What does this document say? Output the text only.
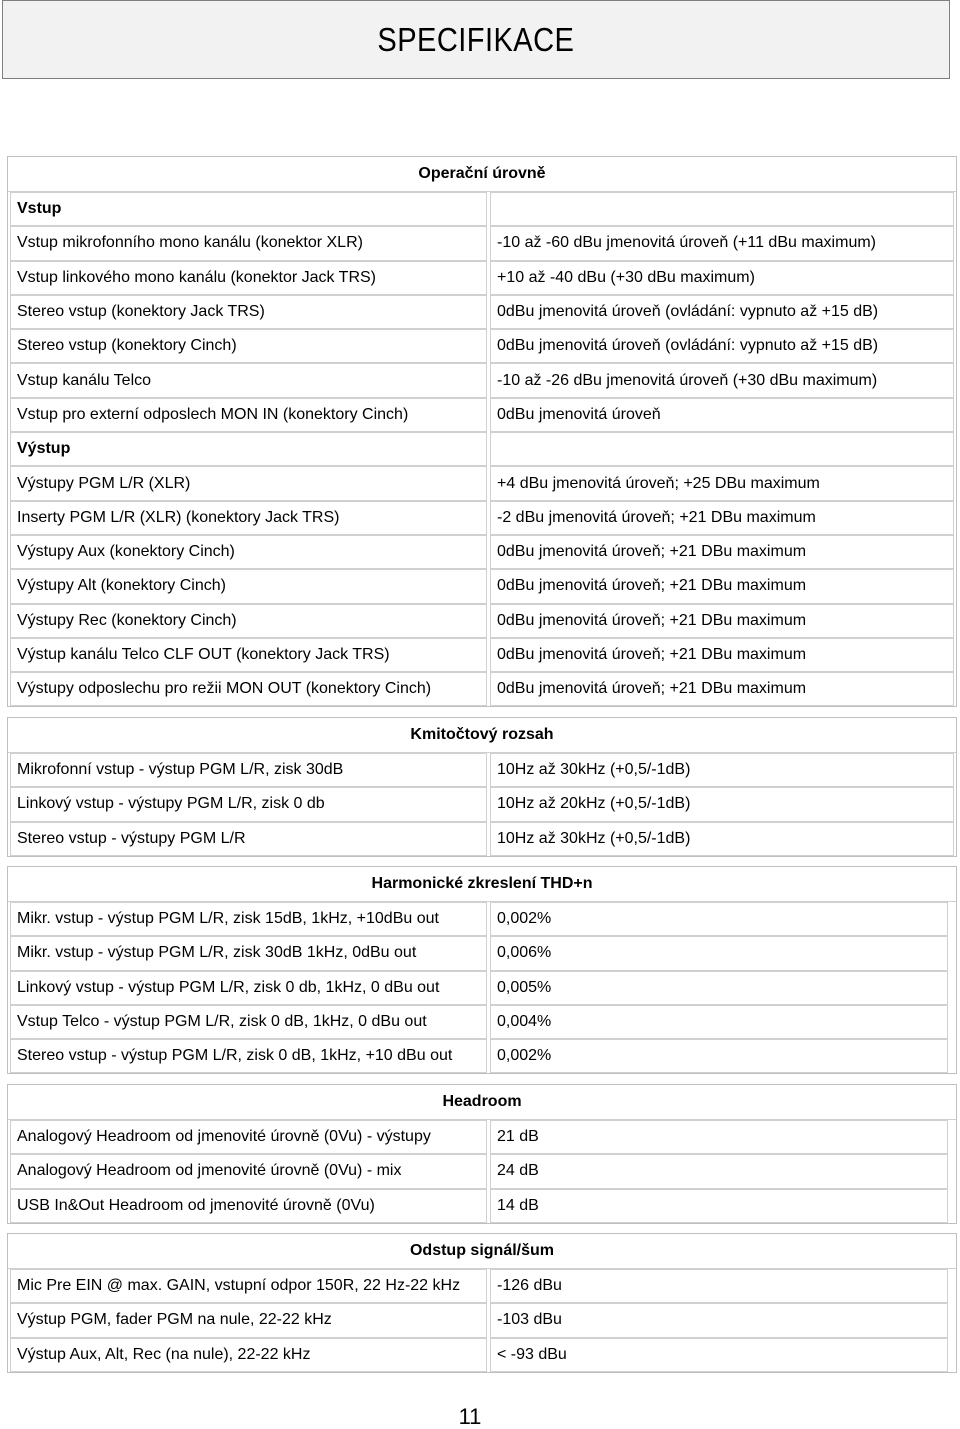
SPECIFIKACE
Operační úrovně
Vstup
Vstup mikrofonního mono kanálu (konektor XLR)
Vstup linkového mono kanálu (konektor Jack TRS)
Stereo vstup (konektory Jack TRS)
Stereo vstup (konektory Cinch)
Vstup kanálu Telco
Vstup pro externí odposlech MON IN (konektory Cinch)
Výstup
Výstupy PGM L/R (XLR)
Inserty PGM L/R (XLR) (konektory Jack TRS)
Výstupy Aux (konektory Cinch)
Výstupy Alt (konektory Cinch)
Výstupy Rec (konektory Cinch)
Výstup kanálu Telco CLF OUT (konektory Jack TRS)
Výstupy odposlechu pro režii MON OUT (konektory Cinch)
-10 až -60 dBu jmenovitá úroveň (+11 dBu maximum)
+10 až -40 dBu (+30 dBu maximum)
0dBu jmenovitá úroveň (ovládání: vypnuto až +15 dB)
0dBu jmenovitá úroveň (ovládání: vypnuto až +15 dB)
-10 až -26 dBu jmenovitá úroveň (+30 dBu maximum)
0dBu jmenovitá úroveň
+4 dBu jmenovitá úroveň; +25 DBu maximum
-2 dBu jmenovitá úroveň; +21 DBu maximum
0dBu jmenovitá úroveň; +21 DBu maximum
0dBu jmenovitá úroveň; +21 DBu maximum
0dBu jmenovitá úroveň; +21 DBu maximum
0dBu jmenovitá úroveň; +21 DBu maximum
0dBu jmenovitá úroveň; +21 DBu maximum
Kmitočtový rozsah
Mikrofonní vstup - výstup PGM L/R, zisk 30dB
Linkový vstup - výstupy PGM L/R, zisk 0 db
Stereo vstup - výstupy PGM L/R
10Hz až 30kHz (+0,5/-1dB)
10Hz až 20kHz (+0,5/-1dB)
10Hz až 30kHz (+0,5/-1dB)
Harmonické zkreslení THD+n
Mikr. vstup - výstup PGM L/R, zisk 15dB, 1kHz, +10dBu out
Mikr. vstup - výstup PGM L/R, zisk 30dB 1kHz, 0dBu out
Linkový vstup - výstup PGM L/R, zisk 0 db, 1kHz, 0 dBu out
Vstup Telco - výstup PGM L/R, zisk 0 dB, 1kHz, 0 dBu out
Stereo vstup - výstup PGM L/R, zisk 0 dB, 1kHz, +10 dBu out
0,002%
0,006%
0,005%
0,004%
0,002%
Headroom
Analogový Headroom od jmenovité úrovně (0Vu) - výstupy
Analogový Headroom od jmenovité úrovně (0Vu) - mix
USB In&Out Headroom od jmenovité úrovně (0Vu)
21 dB
24 dB
14 dB
Odstup signál/šum
Mic Pre EIN @ max. GAIN, vstupní odpor 150R, 22 Hz-22 kHz
Výstup PGM, fader PGM na nule, 22-22 kHz
Výstup Aux, Alt, Rec (na nule), 22-22 kHz
-126 dBu
-103 dBu
< -93 dBu
11
